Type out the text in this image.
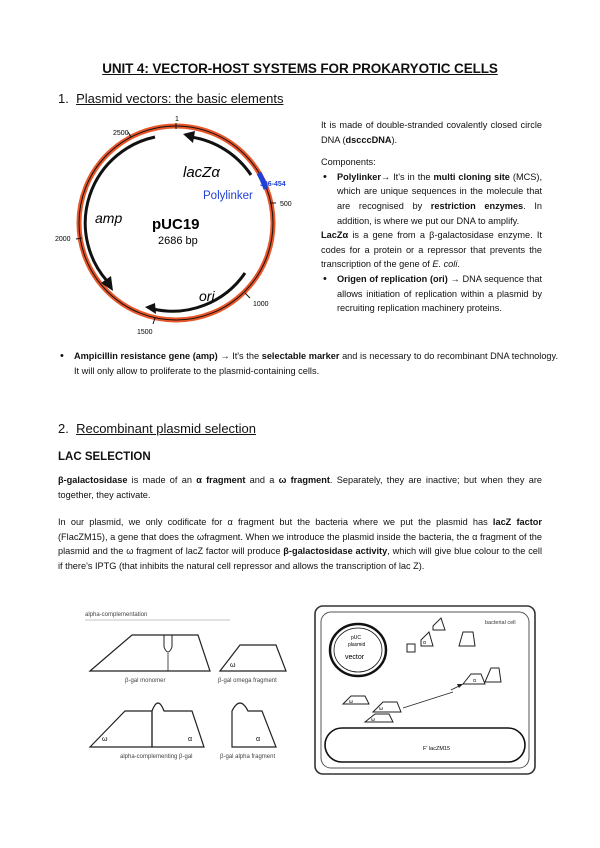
UNIT 4: VECTOR-HOST SYSTEMS FOR PROKARYOTIC CELLS
1. Plasmid vectors: the basic elements
lacZα
Polylinker
amp
ori
pUC19
2686 bp
396-454
1
500
1000
1500
2000
2500
It is made of double-stranded covalently closed circle DNA (dscccDNA).
Components:
• Polylinker→ It's in the multi cloning site (MCS), which are unique sequences in the molecule that are recognised by restriction enzymes. In addition, is where we put our DNA to amplify.
LacZα is a gene from a β-galactosidase enzyme. It codes for a protein or a repressor that prevents the transcription of the gene of E. coli.
• Origen of replication (ori) → DNA sequence that allows initiation of replication within a plasmid by recruiting replication machinery proteins.
• Ampicillin resistance gene (amp) → It's the selectable marker and is necessary to do recombinant DNA technology. It will only allow to proliferate to the plasmid-containing cells.
2. Recombinant plasmid selection
LAC SELECTION
β-galactosidase is made of an α fragment and a ω fragment. Separately, they are inactive; but when they are together, they activate.
In our plasmid, we only codificate for α fragment but the bacteria where we put the plasmid has lacZ factor (FlacZM15), a gene that does the ωfragment. When we introduce the plasmid inside the bacteria, the α fragment of the plasmid and the ω fragment of lacZ factor will produce β-galactosidase activity, which will give blue colour to the cell if there's IPTG (that inhibits the natural cell repressor and allows the transcription of lac Z).
alpha-complementation
β-gal monomer
ω
β-gal omega fragment
ω	α
alpha-complementing β-gal
α
β-gal alpha fragment
bacterial cell
pUC
plasmid
vector
α
α
ω
ω
ω
F' lacZM15
